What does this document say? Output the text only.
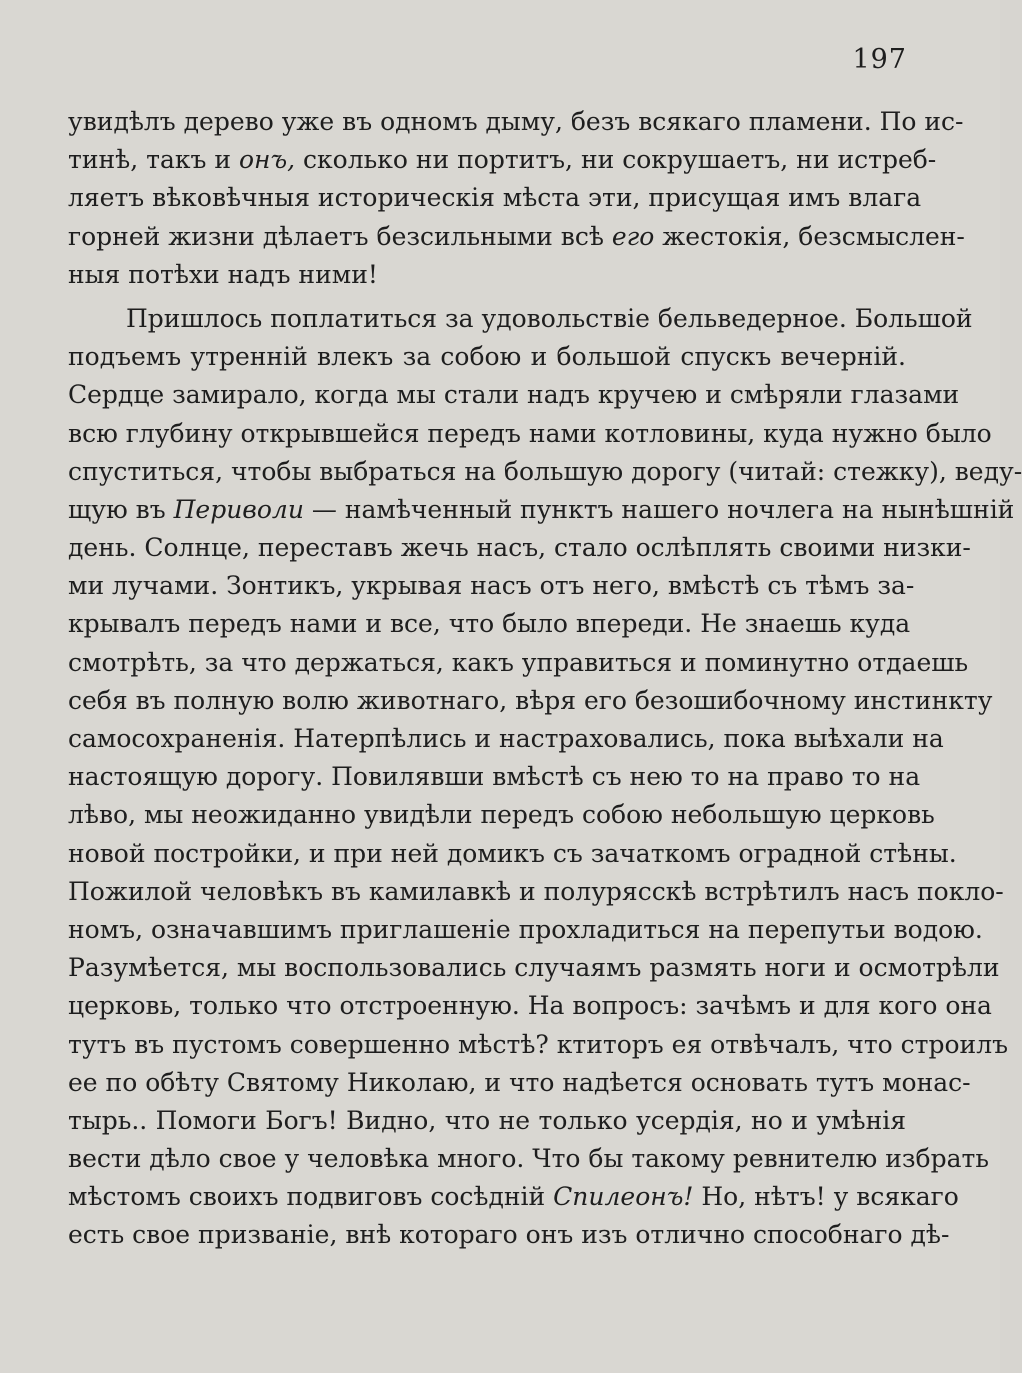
197
увидѣлъ дерево уже въ одномъ дыму, безъ всякаго пламени. По ис-
тинѣ, такъ и онъ, сколько ни портитъ, ни сокрушаетъ, ни истреб-
ляетъ вѣковѣчныя историческія мѣста эти, присущая имъ влага
горней жизни дѣлаетъ безсильными всѣ его жестокія, безсмыслен-
ныя потѣхи надъ ними!
Пришлось поплатиться за удовольствіе бельведерное. Большой
подъемъ утренній влекъ за собою и большой спускъ вечерній.
Сердце замирало, когда мы стали надъ кручею и смѣряли глазами
всю глубину открывшейся передъ нами котловины, куда нужно было
спуститься, чтобы выбраться на большую дорогу (читай: стежку), веду-
щую въ Периволи — намѣченный пунктъ нашего ночлега на нынѣшній
день. Солнце, переставъ жечь насъ, стало ослѣплять своими низки-
ми лучами. Зонтикъ, укрывая насъ отъ него, вмѣстѣ съ тѣмъ за-
крывалъ передъ нами и все, что было впереди. Не знаешь куда
смотрѣть, за что держаться, какъ управиться и поминутно отдаешь
себя въ полную волю животнаго, вѣря его безошибочному инстинкту
самосохраненія. Натерпѣлись и настраховались, пока выѣхали на
настоящую дорогу. Повилявши вмѣстѣ съ нею то на право то на
лѣво, мы неожиданно увидѣли передъ собою небольшую церковь
новой постройки, и при ней домикъ съ зачаткомъ оградной стѣны.
Пожилой человѣкъ въ камилавкѣ и полурясскѣ встрѣтилъ насъ покло-
номъ, означавшимъ приглашеніе прохладиться на перепутьи водою.
Разумѣется, мы воспользовались случаямъ размять ноги и осмотрѣли
церковь, только что отстроенную. На вопросъ: зачѣмъ и для кого она
тутъ въ пустомъ совершенно мѣстѣ? ктиторъ ея отвѣчалъ, что строилъ
ее по обѣту Святому Николаю, и что надѣется основать тутъ монас-
тырь.. Помоги Богъ! Видно, что не только усердія, но и умѣнія
вести дѣло свое у человѣка много. Что бы такому ревнителю избрать
мѣстомъ своихъ подвиговъ сосѣдній Спилеонъ! Но, нѣтъ! у всякаго
есть свое призваніе, внѣ котораго онъ изъ отлично способнаго дѣ-
